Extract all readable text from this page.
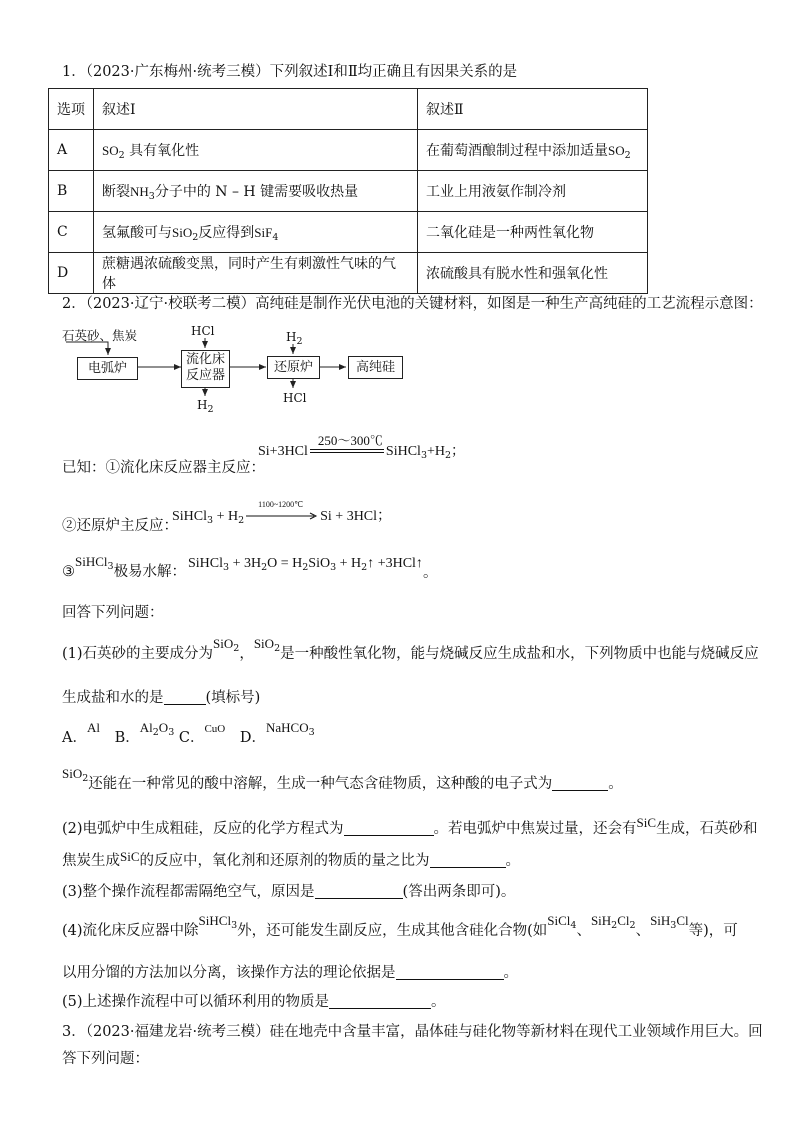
1．（2023·广东梅州·统考三模）下列叙述Ⅰ和Ⅱ均正确且有因果关系的是
选项	叙述Ⅰ	叙述Ⅱ
A	$SO_2$ 具有氧化性	在葡萄酒酿制过程中添加适量$SO_2$
B	断裂$NH_3$分子中的 N – H 键需要吸收热量	工业上用液氨作制冷剂
C	氢氟酸可与SiO$_2$反应得到SiF$_4$	二氧化硅是一种两性氧化物
D	蔗糖遇浓硫酸变黑，同时产生有刺激性气味的气体	浓硫酸具有脱水性和强氧化性
2．（2023·辽宁·校联考二模）高纯硅是制作光伏电池的关键材料，如图是一种生产高纯硅的工艺流程示意图：
石英砂、焦炭
电弧炉
HCl
流化床
反应器
$H_2$
$H_2$
还原炉
HCl
高纯硅
已知：①流化床反应器主反应：
Si+3HCl
250～300℃
$SiHCl_3+H_2$；
②还原炉主反应：
SiHCl$_3$ + $H_2$
1100~1200℃
Si + 3HCl；
③SiHCl$_3$极易水解：
SiHCl$_3$ + $3H_2O = H_2SiO_3$ + $H_2↑$ +3HCl↑。
回答下列问题：
(1)石英砂的主要成分为SiO$_2$，SiO$_2$是一种酸性氧化物，能与烧碱反应生成盐和水，下列物质中也能与烧碱反应
生成盐和水的是	(填标号)
A．Al B．$Al_2O_3$ C．$^{CuO}$ D．NaHCO$_3$
SiO$_2$还能在一种常见的酸中溶解，生成一种气态含硅物质，这种酸的电子式为	。
(2)电弧炉中生成粗硅，反应的化学方程式为	。若电弧炉中焦炭过量，还会有SiC生成，石英砂和
焦炭生成SiC的反应中，氧化剂和还原剂的物质的量之比为	。
(3)整个操作流程都需隔绝空气，原因是	(答出两条即可)。
(4)流化床反应器中除SiHCl$_3$外，还可能发生副反应，生成其他含硅化合物(如SiCl$_4$、$SiH_2Cl_2$、SiH$_3$Cl等)，可
以用分馏的方法加以分离，该操作方法的理论依据是	。
(5)上述操作流程中可以循环利用的物质是	。
3．（2023·福建龙岩·统考三模）硅在地壳中含量丰富，晶体硅与硅化物等新材料在现代工业领域作用巨大。回
答下列问题：
